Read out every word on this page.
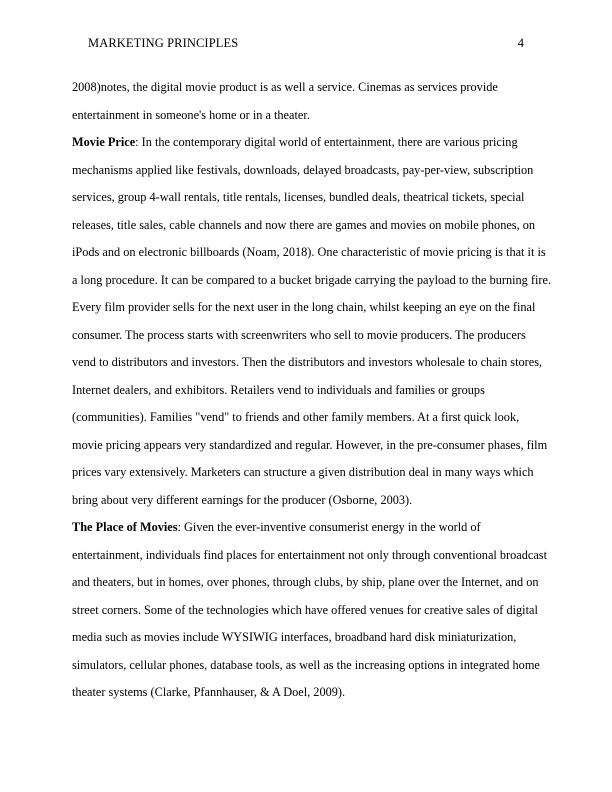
MARKETING PRINCIPLES	4
2008)notes, the digital movie product is as well a service. Cinemas as services provide
entertainment in someone's home or in a theater.
Movie Price: In the contemporary digital world of entertainment, there are various pricing
mechanisms applied like festivals, downloads, delayed broadcasts, pay-per-view, subscription
services, group 4-wall rentals, title rentals, licenses, bundled deals, theatrical tickets, special
releases, title sales, cable channels and now there are games and movies on mobile phones, on
iPods and on electronic billboards (Noam, 2018). One characteristic of movie pricing is that it is
a long procedure. It can be compared to a bucket brigade carrying the payload to the burning fire.
Every film provider sells for the next user in the long chain, whilst keeping an eye on the final
consumer. The process starts with screenwriters who sell to movie producers. The producers
vend to distributors and investors. Then the distributors and investors wholesale to chain stores,
Internet dealers, and exhibitors. Retailers vend to individuals and families or groups
(communities). Families "vend" to friends and other family members. At a first quick look,
movie pricing appears very standardized and regular. However, in the pre-consumer phases, film
prices vary extensively. Marketers can structure a given distribution deal in many ways which
bring about very different earnings for the producer (Osborne, 2003).
The Place of Movies: Given the ever-inventive consumerist energy in the world of
entertainment, individuals find places for entertainment not only through conventional broadcast
and theaters, but in homes, over phones, through clubs, by ship, plane over the Internet, and on
street corners. Some of the technologies which have offered venues for creative sales of digital
media such as movies include WYSIWIG interfaces, broadband hard disk miniaturization,
simulators, cellular phones, database tools, as well as the increasing options in integrated home
theater systems (Clarke, Pfannhauser, & A Doel, 2009).
